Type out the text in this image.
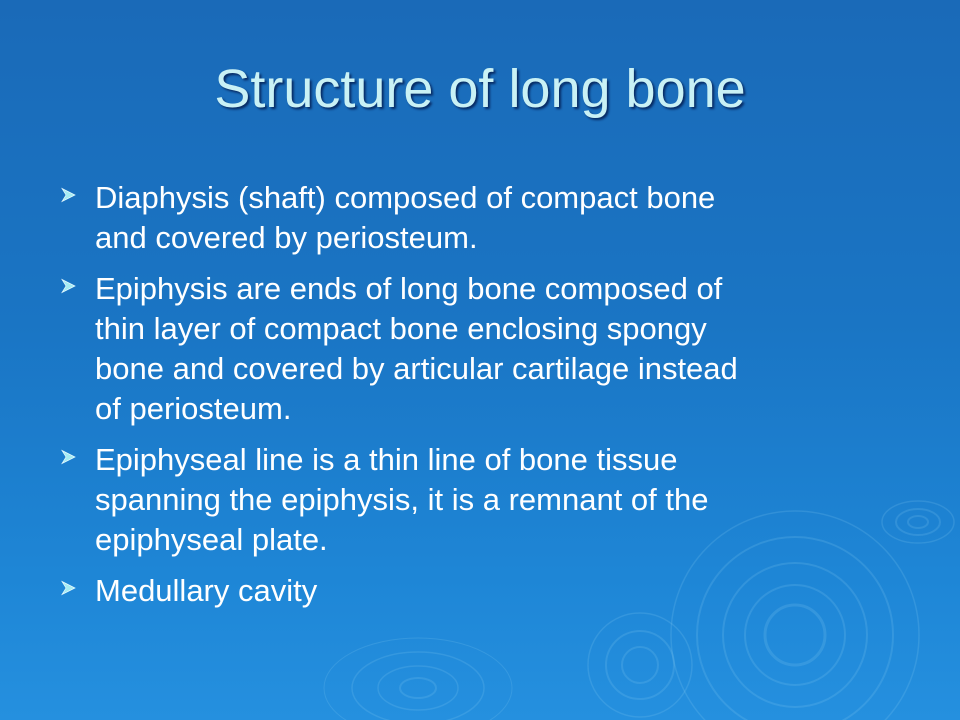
Structure of long bone
Diaphysis (shaft) composed of compact bone
and covered by periosteum.
Epiphysis are ends of long bone composed of
thin layer of compact bone enclosing spongy
bone and covered by articular cartilage instead
of periosteum.
Epiphyseal line is a thin line of bone tissue
spanning the epiphysis, it is a remnant of the
epiphyseal plate.
Medullary cavity
